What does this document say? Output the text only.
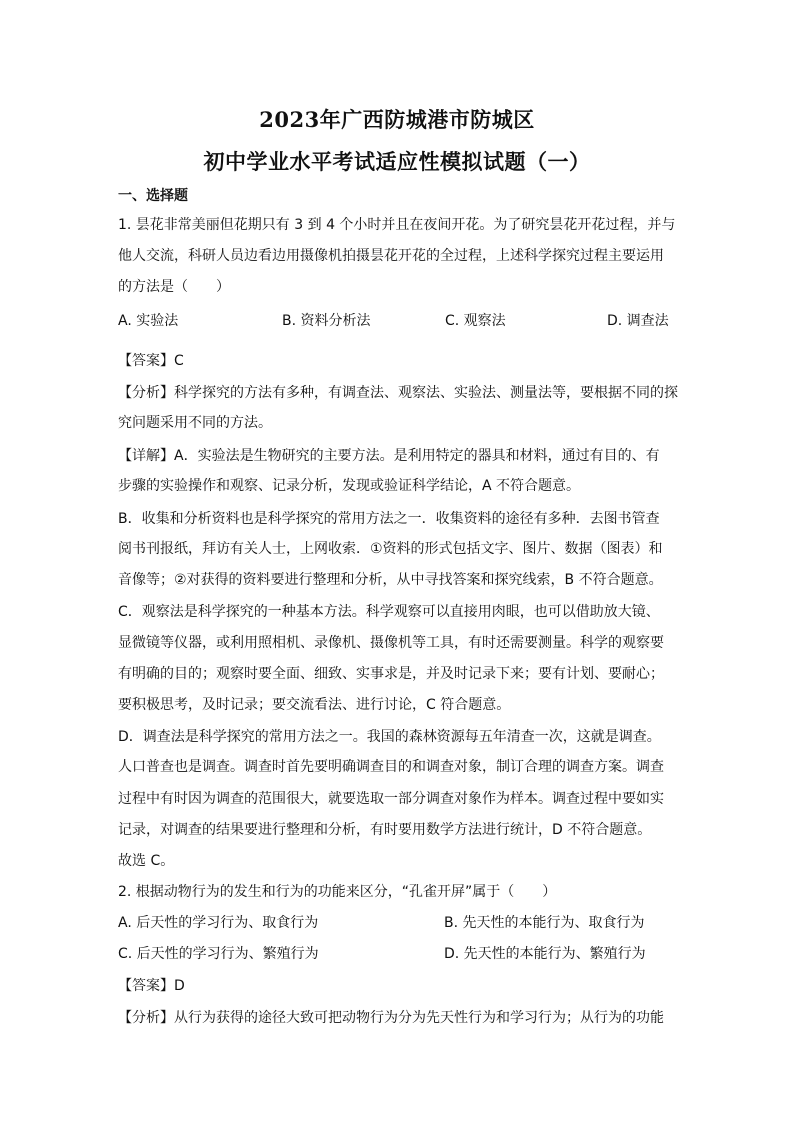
2023年广西防城港市防城区
初中学业水平考试适应性模拟试题（一）
一、选择题
1. 昙花非常美丽但花期只有 3 到 4 个小时并且在夜间开花。为了研究昙花开花过程，并与
他人交流，科研人员边看边用摄像机拍摄昙花开花的全过程，上述科学探究过程主要运用
的方法是（　　）
A. 实验法	B. 资料分析法	C. 观察法	D. 调查法
【答案】C
【分析】科学探究的方法有多种，有调查法、观察法、实验法、测量法等，要根据不同的探
究问题采用不同的方法。
【详解】A．实验法是生物研究的主要方法。是利用特定的器具和材料，通过有目的、有
步骤的实验操作和观察、记录分析，发现或验证科学结论，A 不符合题意。
B．收集和分析资料也是科学探究的常用方法之一．收集资料的途径有多种．去图书管查
阅书刊报纸，拜访有关人士，上网收索．①资料的形式包括文字、图片、数据（图表）和
音像等；②对获得的资料要进行整理和分析，从中寻找答案和探究线索，B 不符合题意。
C．观察法是科学探究的一种基本方法。科学观察可以直接用肉眼，也可以借助放大镜、
显微镜等仪器，或利用照相机、录像机、摄像机等工具，有时还需要测量。科学的观察要
有明确的目的；观察时要全面、细致、实事求是，并及时记录下来；要有计划、要耐心；
要积极思考，及时记录；要交流看法、进行讨论，C 符合题意。
D．调查法是科学探究的常用方法之一。我国的森林资源每五年清查一次，这就是调查。
人口普查也是调查。调查时首先要明确调查目的和调查对象，制订合理的调查方案。调查
过程中有时因为调查的范围很大，就要选取一部分调查对象作为样本。调查过程中要如实
记录，对调查的结果要进行整理和分析，有时要用数学方法进行统计，D 不符合题意。
故选 C。
2. 根据动物行为的发生和行为的功能来区分，“孔雀开屏”属于（　　）
A. 后天性的学习行为、取食行为	B. 先天性的本能行为、取食行为
C. 后天性的学习行为、繁殖行为	D. 先天性的本能行为、繁殖行为
【答案】D
【分析】从行为获得的途径大致可把动物行为分为先天性行为和学习行为；从行为的功能
